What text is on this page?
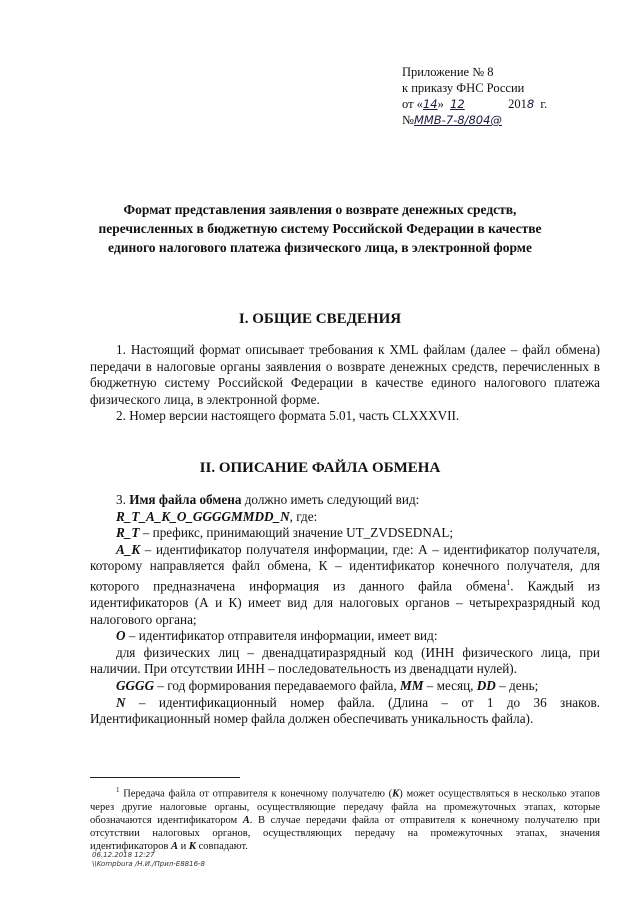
Приложение № 8
к приказу ФНС России
от «14» 12	2018 г.
№ММВ-7-8/804@
Формат представления заявления о возврате денежных средств, перечисленных в бюджетную систему Российской Федерации в качестве единого налогового платежа физического лица, в электронной форме
I. ОБЩИЕ СВЕДЕНИЯ

1. Настоящий формат описывает требования к XML файлам (далее – файл обмена) передачи в налоговые органы заявления о возврате денежных средств, перечисленных в бюджетную систему Российской Федерации в качестве единого налогового платежа физического лица, в электронной форме.

2. Номер версии настоящего формата 5.01, часть CLXXXVII.

II. ОПИСАНИЕ ФАЙЛА ОБМЕНА

3. Имя файла обмена должно иметь следующий вид:

R_T_A_K_O_GGGGMMDD_N, где:

R_T – префикс, принимающий значение UT_ZVDSEDNAL;

A_K – идентификатор получателя информации, где: А – идентификатор получателя, которому направляется файл обмена, К – идентификатор конечного получателя, для которого предназначена информация из данного файла обмена$^1$. Каждый из идентификаторов (А и К) имеет вид для налоговых органов – четырехразрядный код налогового органа;

O – идентификатор отправителя информации, имеет вид:

для физических лиц – двенадцатиразрядный код (ИНН физического лица, при наличии. При отсутствии ИНН – последовательность из двенадцати нулей).

GGGG – год формирования передаваемого файла, MM – месяц, DD – день;

N – идентификационный номер файла. (Длина – от 1 до 36 знаков. Идентификационный номер файла должен обеспечивать уникальность файла).

$^1$ Передача файла от отправителя к конечному получателю (К) может осуществляться в несколько этапов через другие налоговые органы, осуществляющие передачу файла на промежуточных этапах, которые обозначаются идентификатором А. В случае передачи файла от отправителя к конечному получателю при отсутствии налоговых органов, осуществляющих передачу на промежуточных этапах, значения идентификаторов А и К совпадают.

06.12.2018 12:27
\\Kompbura /Н.И./Прил-Е8816-8
